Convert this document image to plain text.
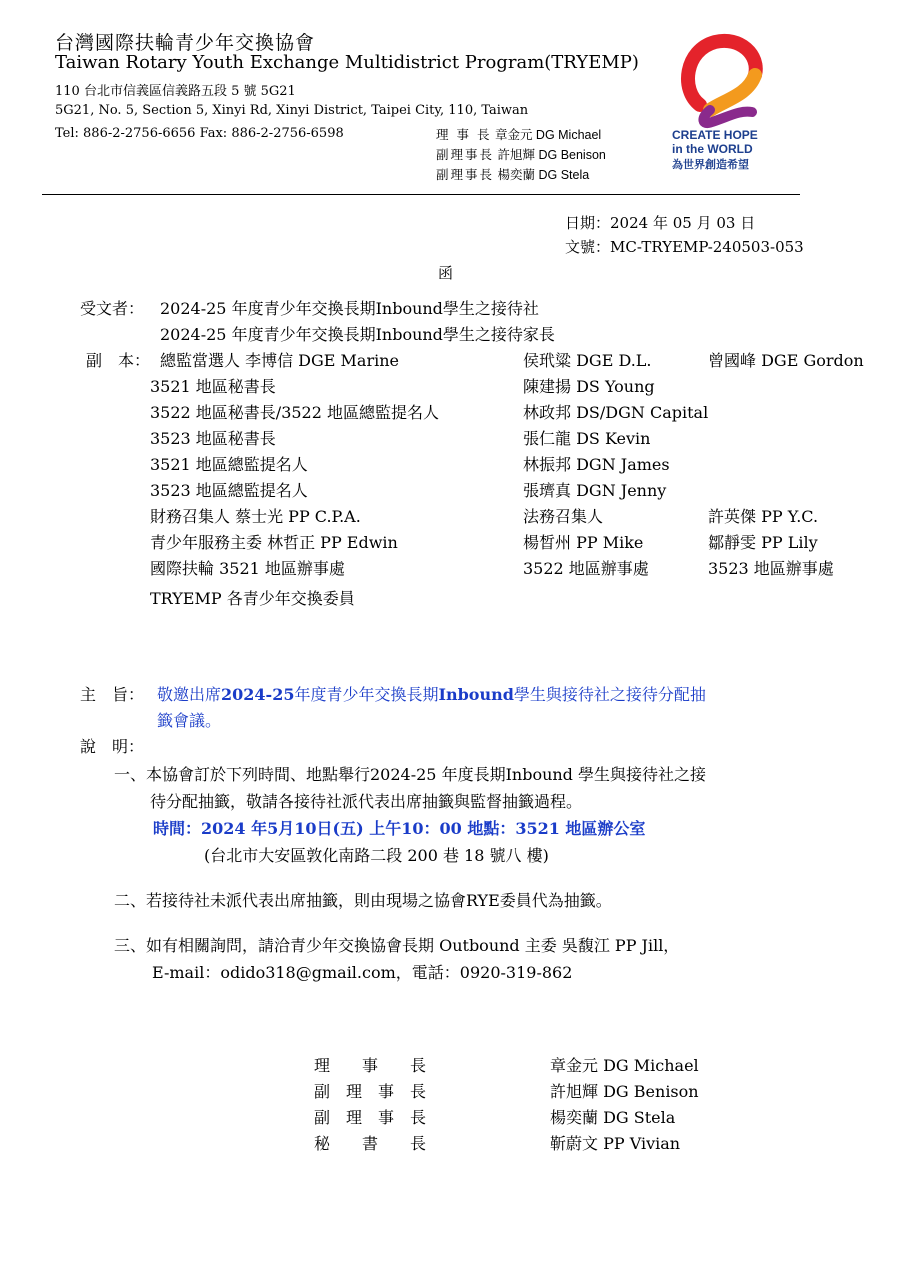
台灣國際扶輪青少年交換協會
Taiwan Rotary Youth Exchange Multidistrict Program(TRYEMP)
110 台北市信義區信義路五段 5 號 5G21
5G21, No. 5, Section 5, Xinyi Rd, Xinyi District, Taipei City, 110, Taiwan
Tel: 886-2-2756-6656 Fax: 886-2-2756-6598	理 事 長 章金元 DG Michael
副理事長 許旭輝 DG Benison
副理事長 楊奕蘭 DG Stela
CREATE HOPE
in the WORLD
為世界創造希望
日期：2024 年 05 月 03 日
文號：MC-TRYEMP-240503-053
函
受文者： 2024-25 年度青少年交換長期Inbound學生之接待社
2024-25 年度青少年交換長期Inbound學生之接待家長
副　本： 總監當選人 李博信 DGE Marine	侯玳粱 DGE D.L.	曾國峰 DGE Gordon
3521 地區秘書長	陳建揚 DS Young
3522 地區秘書長/3522 地區總監提名人	林政邦 DS/DGN Capital
3523 地區秘書長	張仁龍 DS Kevin
3521 地區總監提名人	林振邦 DGN James
3523 地區總監提名人	張璾真 DGN Jenny
財務召集人 蔡士光 PP C.P.A.	法務召集人	許英傑 PP Y.C.
青少年服務主委 林哲正 PP Edwin	楊晳州 PP Mike	鄒靜雯 PP Lily
國際扶輪 3521 地區辦事處	3522 地區辦事處	3523 地區辦事處
TRYEMP 各青少年交換委員
主　旨： 敬邀出席2024-25年度青少年交換長期Inbound學生與接待社之接待分配抽
籤會議。
說　明：
一、本協會訂於下列時間、地點舉行2024-25 年度長期Inbound 學生與接待社之接
待分配抽籤，敬請各接待社派代表出席抽籤與監督抽籤過程。
時間：2024 年5月10日(五) 上午10：00 地點：3521 地區辦公室
(台北市大安區敦化南路二段 200 巷 18 號八 樓)
二、若接待社未派代表出席抽籤，則由現場之協會RYE委員代為抽籤。
三、如有相關詢問，請洽青少年交換協會長期 Outbound 主委 吳馥江 PP Jill，
E-mail：odido318@gmail.com，電話：0920-319-862
理　　事　　長	章金元 DG Michael
副　理　事　長	許旭輝 DG Benison
副　理　事　長	楊奕蘭 DG Stela
秘　　書　　長	靳蔚文 PP Vivian
